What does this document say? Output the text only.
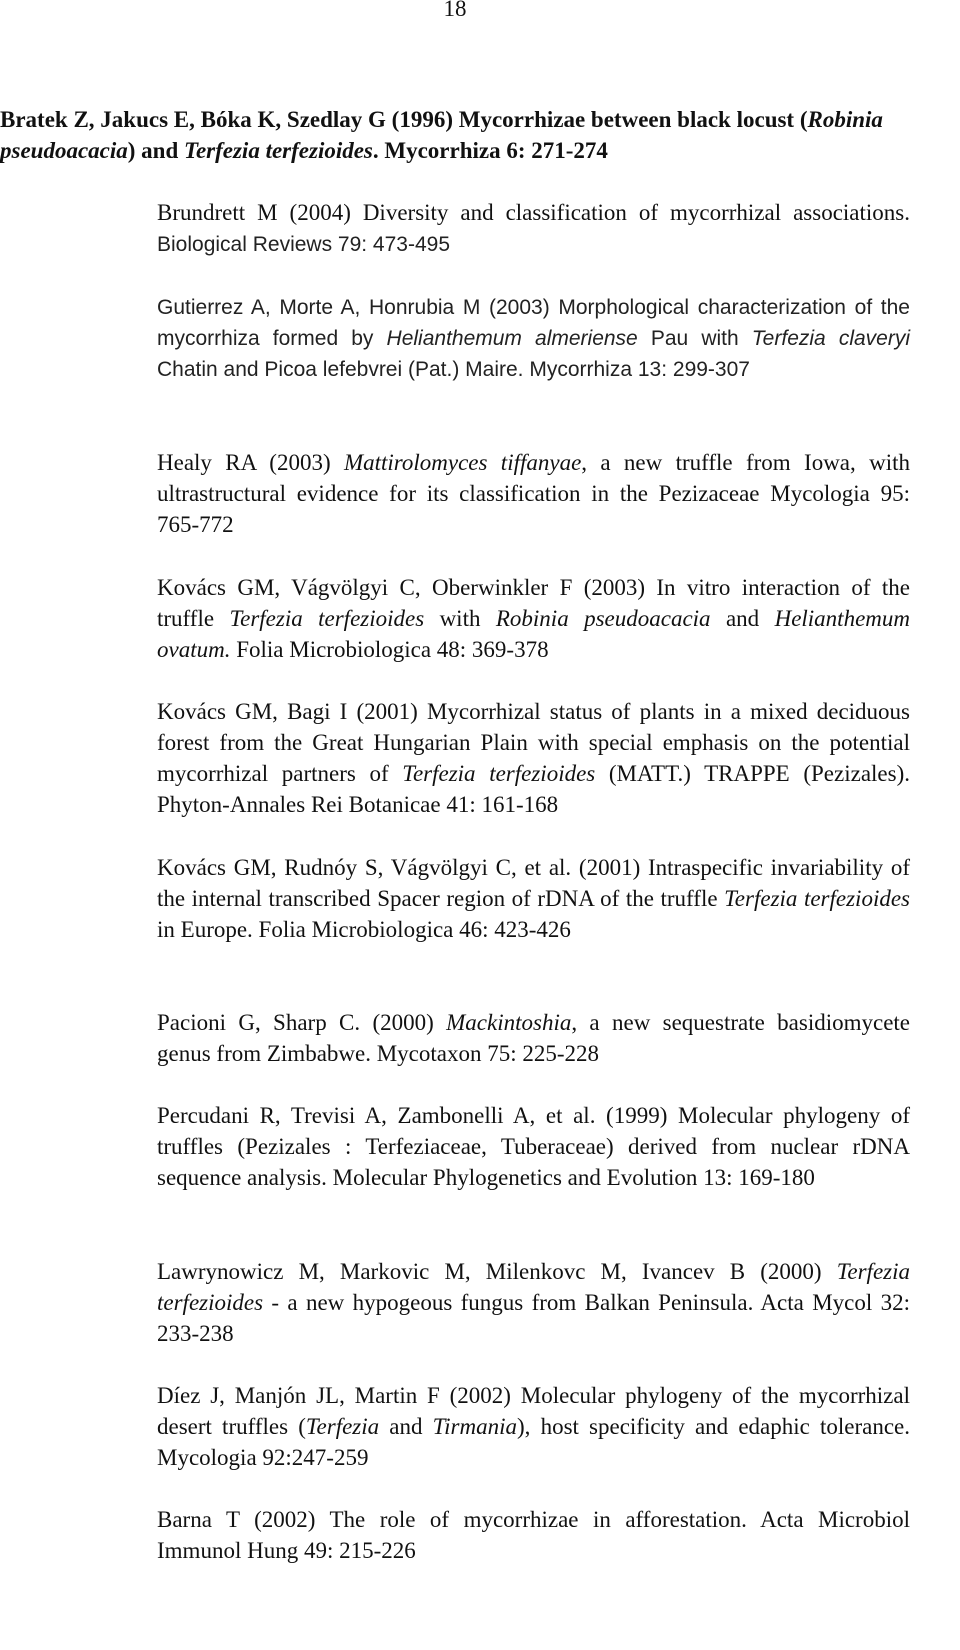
18

Bratek Z, Jakucs E, Bóka K, Szedlay G (1996) Mycorrhizae between black locust (Robinia pseudoacacia) and Terfezia terfezioides. Mycorrhiza 6: 271-274

Brundrett M (2004) Diversity and classification of mycorrhizal associations. Biological Reviews 79: 473-495

Gutierrez A, Morte A, Honrubia M (2003) Morphological characterization of the mycorrhiza formed by Helianthemum almeriense Pau with Terfezia claveryi Chatin and Picoa lefebvrei (Pat.) Maire. Mycorrhiza 13: 299-307

Healy RA (2003) Mattirolomyces tiffanyae, a new truffle from Iowa, with ultrastructural evidence for its classification in the Pezizaceae Mycologia 95: 765-772

Kovács GM, Vágvölgyi C, Oberwinkler F (2003) In vitro interaction of the truffle Terfezia terfezioides with Robinia pseudoacacia and Helianthemum ovatum. Folia Microbiologica 48: 369-378

Kovács GM, Bagi I (2001) Mycorrhizal status of plants in a mixed deciduous forest from the Great Hungarian Plain with special emphasis on the potential mycorrhizal partners of Terfezia terfezioides (MATT.) TRAPPE (Pezizales). Phyton-Annales Rei Botanicae 41: 161-168

Kovács GM, Rudnóy S, Vágvölgyi C, et al. (2001) Intraspecific invariability of the internal transcribed Spacer region of rDNA of the truffle Terfezia terfezioides in Europe. Folia Microbiologica 46: 423-426

Pacioni G, Sharp C. (2000) Mackintoshia, a new sequestrate basidiomycete genus from Zimbabwe. Mycotaxon 75: 225-228

Percudani R, Trevisi A, Zambonelli A, et al. (1999) Molecular phylogeny of truffles (Pezizales : Terfeziaceae, Tuberaceae) derived from nuclear rDNA sequence analysis. Molecular Phylogenetics and Evolution 13: 169-180

Lawrynowicz M, Markovic M, Milenkovc M, Ivancev B (2000) Terfezia terfezioides - a new hypogeous fungus from Balkan Peninsula. Acta Mycol 32: 233-238

Díez J, Manjón JL, Martin F (2002) Molecular phylogeny of the mycorrhizal desert truffles (Terfezia and Tirmania), host specificity and edaphic tolerance. Mycologia 92:247-259

Barna T (2002) The role of mycorrhizae in afforestation. Acta Microbiol Immunol Hung 49: 215-226
